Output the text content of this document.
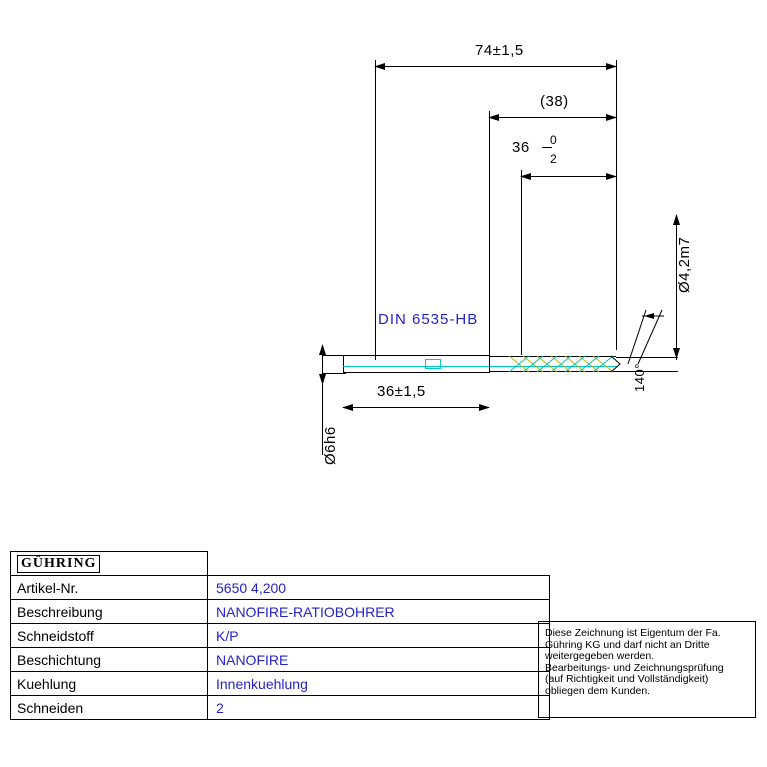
74±1,5
(38)
36 0
2
DIN 6535-HB
36±1,5
Ø6h6
Ø4,2m7
140°
GÜHRING	
Artikel-Nr.	5650 4,200
Beschreibung	NANOFIRE-RATIOBOHRER
Schneidstoff	K/P
Beschichtung	NANOFIRE
Kuehlung	Innenkuehlung
Schneiden	2
Diese Zeichnung ist Eigentum der Fa.
Gühring KG und darf nicht an Dritte
weitergegeben werden.
Bearbeitungs- und Zeichnungsprüfung
(auf Richtigkeit und Vollständigkeit)
obliegen dem Kunden.
